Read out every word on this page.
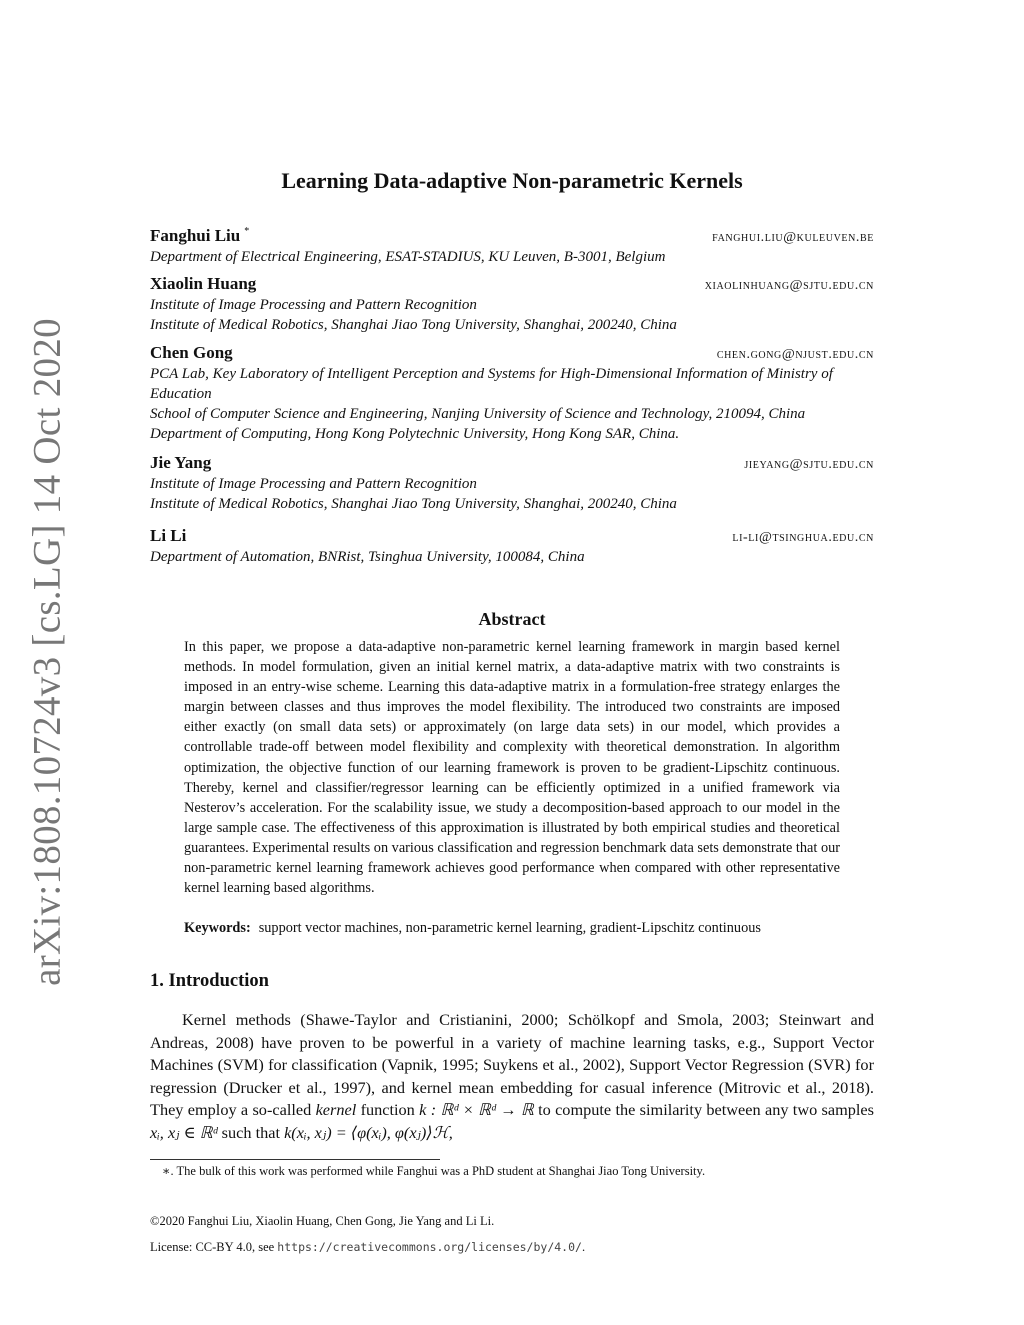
arXiv:1808.10724v3 [cs.LG] 14 Oct 2020
Learning Data-adaptive Non-parametric Kernels
Fanghui Liu *	fanghui.liu@kuleuven.be
Department of Electrical Engineering, ESAT-STADIUS, KU Leuven, B-3001, Belgium
Xiaolin Huang	xiaolinhuang@sjtu.edu.cn
Institute of Image Processing and Pattern Recognition
Institute of Medical Robotics, Shanghai Jiao Tong University, Shanghai, 200240, China
Chen Gong	chen.gong@njust.edu.cn
PCA Lab, Key Laboratory of Intelligent Perception and Systems for High-Dimensional Information of Ministry of Education
School of Computer Science and Engineering, Nanjing University of Science and Technology, 210094, China
Department of Computing, Hong Kong Polytechnic University, Hong Kong SAR, China.
Jie Yang	jieyang@sjtu.edu.cn
Institute of Image Processing and Pattern Recognition
Institute of Medical Robotics, Shanghai Jiao Tong University, Shanghai, 200240, China
Li Li	li-li@tsinghua.edu.cn
Department of Automation, BNRist, Tsinghua University, 100084, China
Abstract
In this paper, we propose a data-adaptive non-parametric kernel learning framework in margin based kernel methods. In model formulation, given an initial kernel matrix, a data-adaptive matrix with two constraints is imposed in an entry-wise scheme. Learning this data-adaptive matrix in a formulation-free strategy enlarges the margin between classes and thus improves the model flexibility. The introduced two constraints are imposed either exactly (on small data sets) or approximately (on large data sets) in our model, which provides a controllable trade-off between model flexibility and complexity with theoretical demonstration. In algorithm optimization, the objective function of our learning framework is proven to be gradient-Lipschitz continuous. Thereby, kernel and classifier/regressor learning can be efficiently optimized in a unified framework via Nesterov’s acceleration. For the scalability issue, we study a decomposition-based approach to our model in the large sample case. The effectiveness of this approximation is illustrated by both empirical studies and theoretical guarantees. Experimental results on various classification and regression benchmark data sets demonstrate that our non-parametric kernel learning framework achieves good performance when compared with other representative kernel learning based algorithms.
Keywords: support vector machines, non-parametric kernel learning, gradient-Lipschitz continuous
1. Introduction
Kernel methods (Shawe-Taylor and Cristianini, 2000; Schölkopf and Smola, 2003; Steinwart and Andreas, 2008) have proven to be powerful in a variety of machine learning tasks, e.g., Support Vector Machines (SVM) for classification (Vapnik, 1995; Suykens et al., 2002), Support Vector Regression (SVR) for regression (Drucker et al., 1997), and kernel mean embedding for casual inference (Mitrovic et al., 2018). They employ a so-called kernel function k : ℝᵈ × ℝᵈ → ℝ to compute the similarity between any two samples xᵢ, xⱼ ∈ ℝᵈ such that k(xᵢ, xⱼ) = ⟨φ(xᵢ), φ(xⱼ)⟩ℋ,
∗. The bulk of this work was performed while Fanghui was a PhD student at Shanghai Jiao Tong University.
©2020 Fanghui Liu, Xiaolin Huang, Chen Gong, Jie Yang and Li Li.
License: CC-BY 4.0, see https://creativecommons.org/licenses/by/4.0/.
